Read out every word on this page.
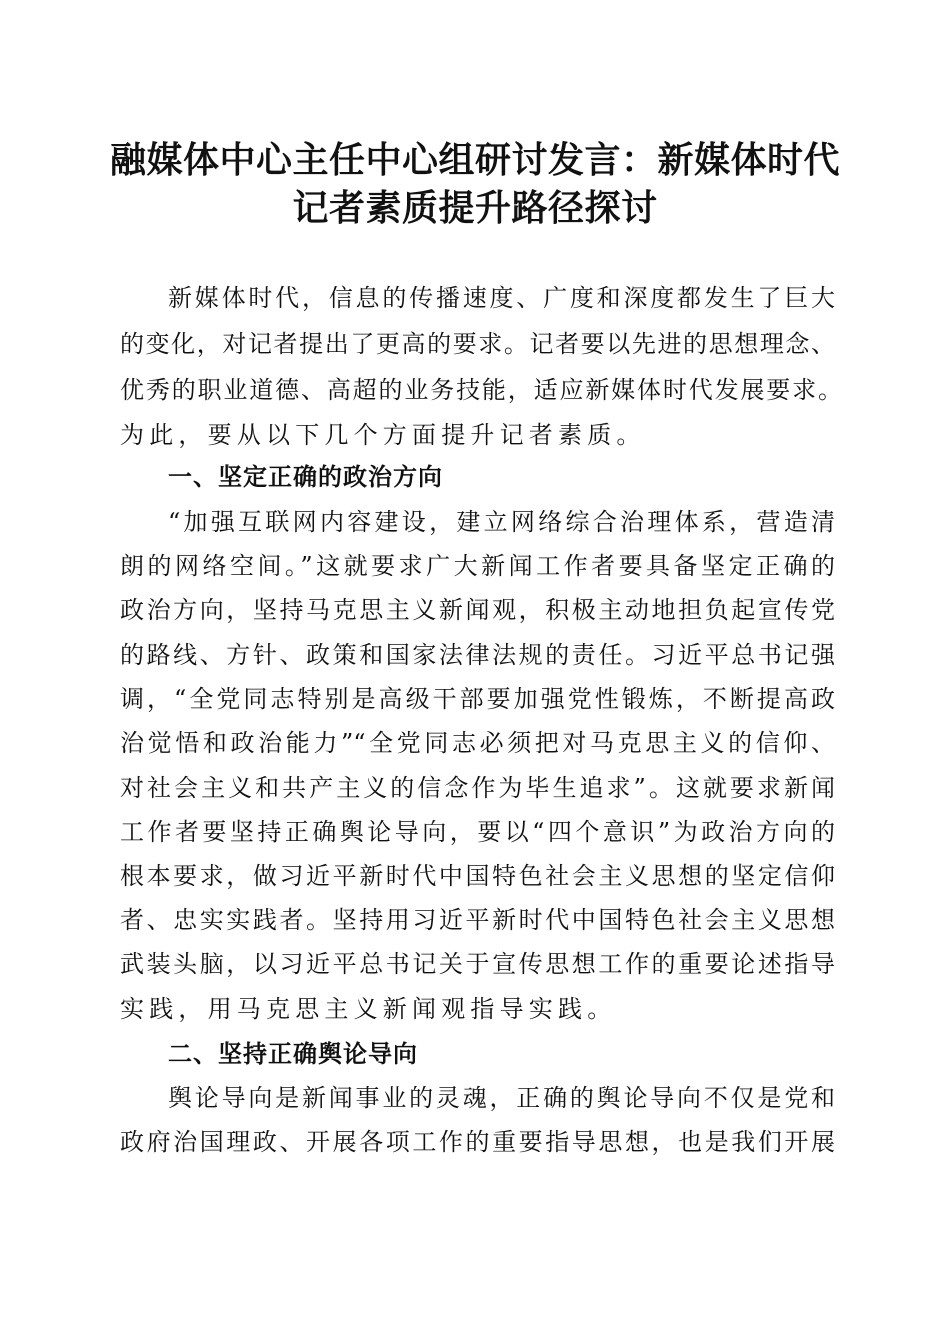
融媒体中心主任中心组研讨发言：新媒体时代
记者素质提升路径探讨
新媒体时代，信息的传播速度、广度和深度都发生了巨大
的变化，对记者提出了更高的要求。记者要以先进的思想理念、
优秀的职业道德、高超的业务技能，适应新媒体时代发展要求。
为此，要从以下几个方面提升记者素质。
一、坚定正确的政治方向
“加强互联网内容建设，建立网络综合治理体系，营造清
朗的网络空间。”这就要求广大新闻工作者要具备坚定正确的
政治方向，坚持马克思主义新闻观，积极主动地担负起宣传党
的路线、方针、政策和国家法律法规的责任。习近平总书记强
调，“全党同志特别是高级干部要加强党性锻炼，不断提高政
治觉悟和政治能力”“全党同志必须把对马克思主义的信仰、
对社会主义和共产主义的信念作为毕生追求”。这就要求新闻
工作者要坚持正确舆论导向，要以“四个意识”为政治方向的
根本要求，做习近平新时代中国特色社会主义思想的坚定信仰
者、忠实实践者。坚持用习近平新时代中国特色社会主义思想
武装头脑，以习近平总书记关于宣传思想工作的重要论述指导
实践，用马克思主义新闻观指导实践。
二、坚持正确舆论导向
舆论导向是新闻事业的灵魂，正确的舆论导向不仅是党和
政府治国理政、开展各项工作的重要指导思想，也是我们开展
